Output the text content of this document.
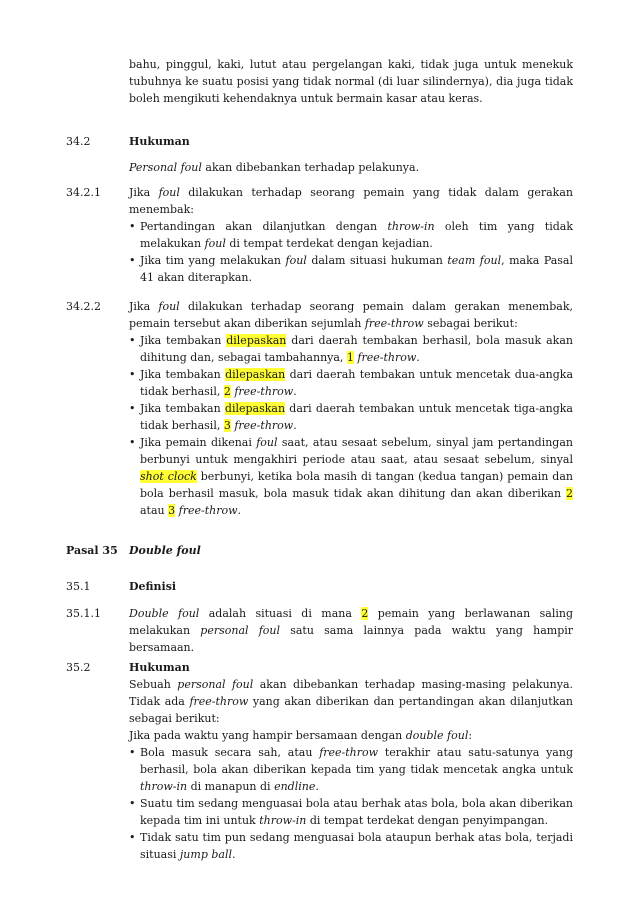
bahu, pinggul, kaki, lutut atau pergelangan kaki, tidak juga untuk menekuk tubuhnya ke suatu posisi yang tidak normal (di luar silindernya), dia juga tidak boleh mengikuti kehendaknya untuk bermain kasar atau keras.
34.2	Hukuman

Personal foul akan dibebankan terhadap pelakunya.

34.2.1	Jika foul dilakukan terhadap seorang pemain yang tidak dalam gerakan menembak:

• Pertandingan akan dilanjutkan dengan throw-in oleh tim yang tidak melakukan foul di tempat terdekat dengan kejadian.
• Jika tim yang melakukan foul dalam situasi hukuman team foul, maka Pasal 41 akan diterapkan.
34.2.2	Jika foul dilakukan terhadap seorang pemain dalam gerakan menembak, pemain tersebut akan diberikan sejumlah free-throw sebagai berikut:

• Jika tembakan dilepaskan dari daerah tembakan berhasil, bola masuk akan dihitung dan, sebagai tambahannya, 1 free-throw.
• Jika tembakan dilepaskan dari daerah tembakan untuk mencetak dua-angka tidak berhasil, 2 free-throw.
• Jika tembakan dilepaskan dari daerah tembakan untuk mencetak tiga-angka tidak berhasil, 3 free-throw.
• Jika pemain dikenai foul saat, atau sesaat sebelum, sinyal jam pertandingan berbunyi untuk mengakhiri periode atau saat, atau sesaat sebelum, sinyal shot clock berbunyi, ketika bola masih di tangan (kedua tangan) pemain dan bola berhasil masuk, bola masuk tidak akan dihitung dan akan diberikan 2 atau 3 free-throw.
Pasal 35 Double foul
35.1	Definisi
35.1.1	Double foul adalah situasi di mana 2 pemain yang berlawanan saling melakukan personal foul satu sama lainnya pada waktu yang hampir bersamaan.

35.2	Hukuman

Sebuah personal foul akan dibebankan terhadap masing-masing pelakunya. Tidak ada free-throw yang akan diberikan dan pertandingan akan dilanjutkan sebagai berikut:

Jika pada waktu yang hampir bersamaan dengan double foul:

• Bola masuk secara sah, atau free-throw terakhir atau satu-satunya yang berhasil, bola akan diberikan kepada tim yang tidak mencetak angka untuk throw-in di manapun di endline.
• Suatu tim sedang menguasai bola atau berhak atas bola, bola akan diberikan kepada tim ini untuk throw-in di tempat terdekat dengan penyimpangan.
• Tidak satu tim pun sedang menguasai bola ataupun berhak atas bola, terjadi situasi jump ball.
